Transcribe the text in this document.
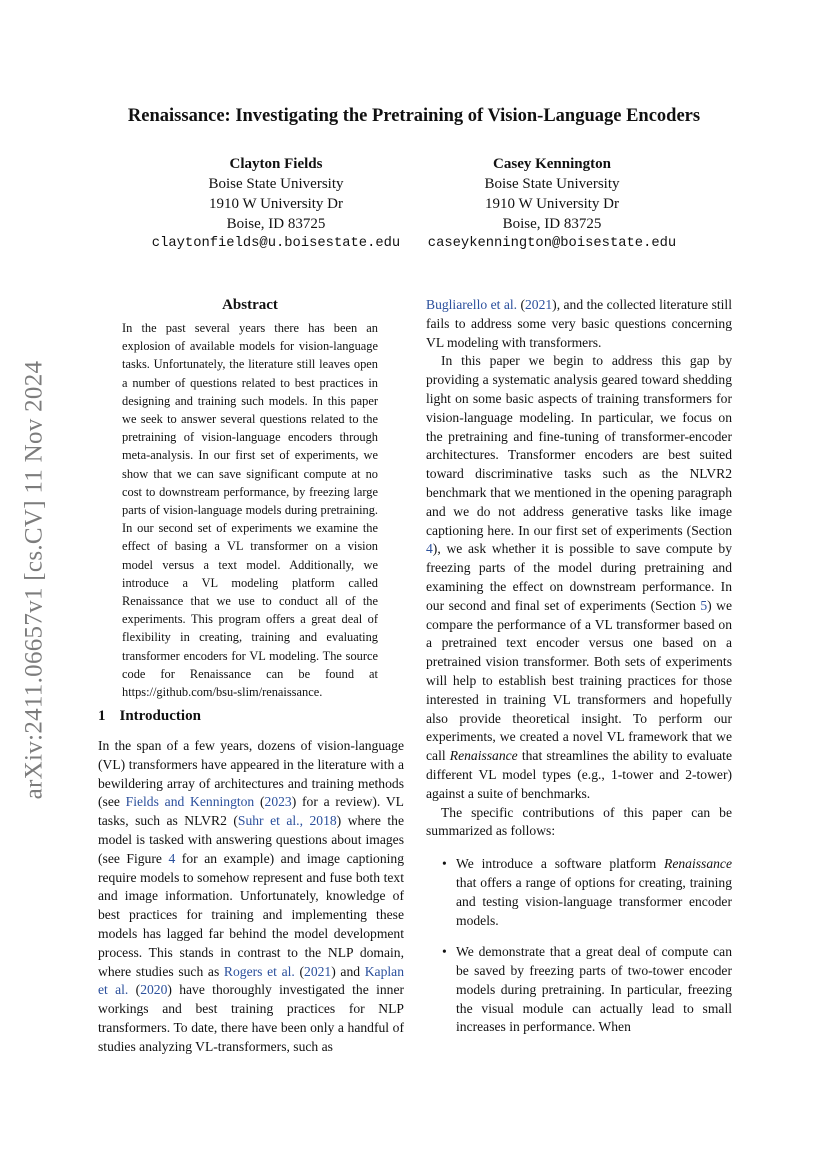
arXiv:2411.06657v1 [cs.CV] 11 Nov 2024
Renaissance: Investigating the Pretraining of Vision-Language Encoders
Clayton Fields
Boise State University
1910 W University Dr
Boise, ID 83725
claytonfields@u.boisestate.edu
Casey Kennington
Boise State University
1910 W University Dr
Boise, ID 83725
caseykennington@boisestate.edu
Abstract
In the past several years there has been an explosion of available models for vision-language tasks. Unfortunately, the literature still leaves open a number of questions related to best practices in designing and training such models. In this paper we seek to answer several questions related to the pretraining of vision-language encoders through meta-analysis. In our first set of experiments, we show that we can save significant compute at no cost to downstream performance, by freezing large parts of vision-language models during pretraining. In our second set of experiments we examine the effect of basing a VL transformer on a vision model versus a text model. Additionally, we introduce a VL modeling platform called Renaissance that we use to conduct all of the experiments. This program offers a great deal of flexibility in creating, training and evaluating transformer encoders for VL modeling. The source code for Renaissance can be found at https://github.com/bsu-slim/renaissance.
1 Introduction

In the span of a few years, dozens of vision-language (VL) transformers have appeared in the literature with a bewildering array of architectures and training methods (see Fields and Kennington (2023) for a review). VL tasks, such as NLVR2 (Suhr et al., 2018) where the model is tasked with answering questions about images (see Figure 4 for an example) and image captioning require models to somehow represent and fuse both text and image information. Unfortunately, knowledge of best practices for training and implementing these models has lagged far behind the model development process. This stands in contrast to the NLP domain, where studies such as Rogers et al. (2021) and Kaplan et al. (2020) have thoroughly investigated the inner workings and best training practices for NLP transformers. To date, there have been only a handful of studies analyzing VL-transformers, such as

Bugliarello et al. (2021), and the collected literature still fails to address some very basic questions concerning VL modeling with transformers.

In this paper we begin to address this gap by providing a systematic analysis geared toward shedding light on some basic aspects of training transformers for vision-language modeling. In particular, we focus on the pretraining and fine-tuning of transformer-encoder architectures. Transformer encoders are best suited toward discriminative tasks such as the NLVR2 benchmark that we mentioned in the opening paragraph and we do not address generative tasks like image captioning here. In our first set of experiments (Section 4), we ask whether it is possible to save compute by freezing parts of the model during pretraining and examining the effect on downstream performance. In our second and final set of experiments (Section 5) we compare the performance of a VL transformer based on a pretrained text encoder versus one based on a pretrained vision transformer. Both sets of experiments will help to establish best training practices for those interested in training VL transformers and hopefully also provide theoretical insight. To perform our experiments, we created a novel VL framework that we call Renaissance that streamlines the ability to evaluate different VL model types (e.g., 1-tower and 2-tower) against a suite of benchmarks.

The specific contributions of this paper can be summarized as follows:

• We introduce a software platform Renaissance that offers a range of options for creating, training and testing vision-language transformer encoder models.
• We demonstrate that a great deal of compute can be saved by freezing parts of two-tower encoder models during pretraining. In particular, freezing the visual module can actually lead to small increases in performance. When
